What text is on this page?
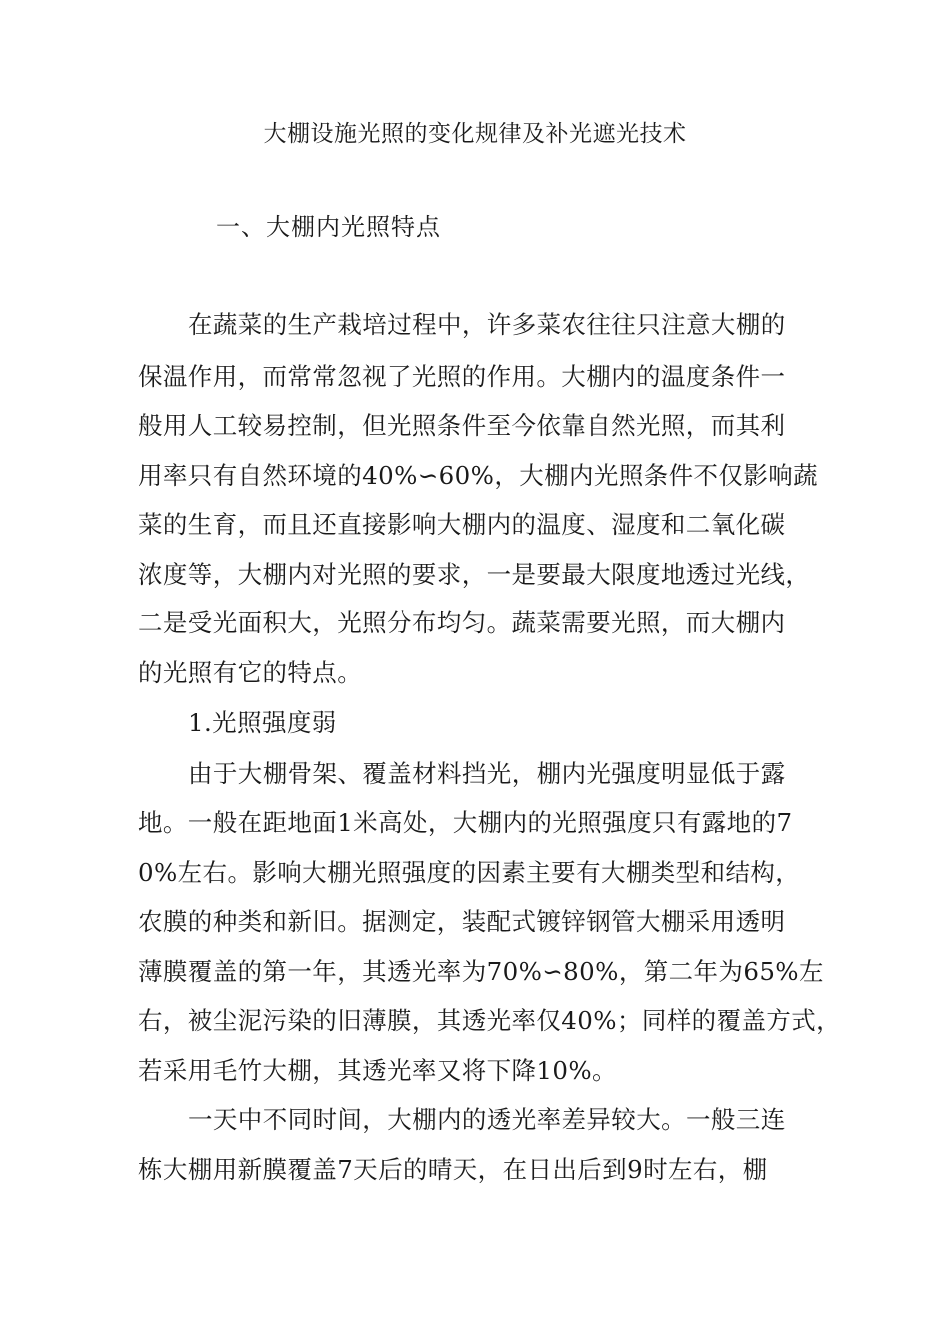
大棚设施光照的变化规律及补光遮光技术
一、大棚内光照特点
在蔬菜的生产栽培过程中，许多菜农往往只注意大棚的
保温作用，而常常忽视了光照的作用。大棚内的温度条件一
般用人工较易控制，但光照条件至今依靠自然光照，而其利
用率只有自然环境的40%∽60%，大棚内光照条件不仅影响蔬
菜的生育，而且还直接影响大棚内的温度、湿度和二氧化碳
浓度等，大棚内对光照的要求，一是要最大限度地透过光线，
二是受光面积大，光照分布均匀。蔬菜需要光照，而大棚内
的光照有它的特点。
1.光照强度弱
由于大棚骨架、覆盖材料挡光，棚内光强度明显低于露
地。一般在距地面1米高处，大棚内的光照强度只有露地的7
0%左右。影响大棚光照强度的因素主要有大棚类型和结构，
农膜的种类和新旧。据测定，装配式镀锌钢管大棚采用透明
薄膜覆盖的第一年，其透光率为70%∽80%，第二年为65%左
右，被尘泥污染的旧薄膜，其透光率仅40%；同样的覆盖方式，
若采用毛竹大棚，其透光率又将下降10%。
一天中不同时间，大棚内的透光率差异较大。一般三连
栋大棚用新膜覆盖7天后的晴天，在日出后到9时左右，棚
